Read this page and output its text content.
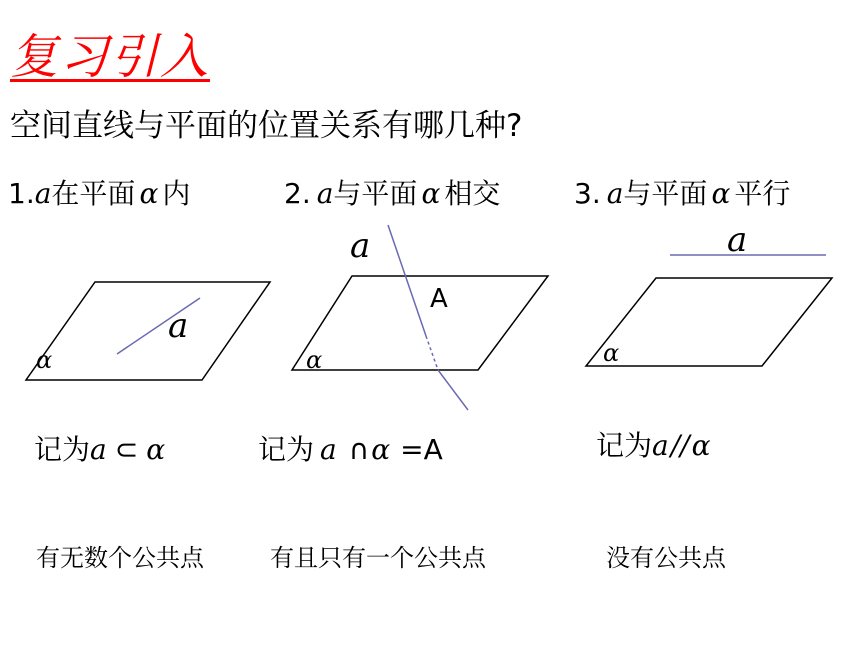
复习引入
空间直线与平面的位置关系有哪几种?
1.a在平面 α 内	2. a与平面 α 相交	3. a与平面 α 平行
a
α
a
A
α
a
α
记为a ⊂ α	记为 a ∩α =A	记为a//α
有无数个公共点	有且只有一个公共点	没有公共点
